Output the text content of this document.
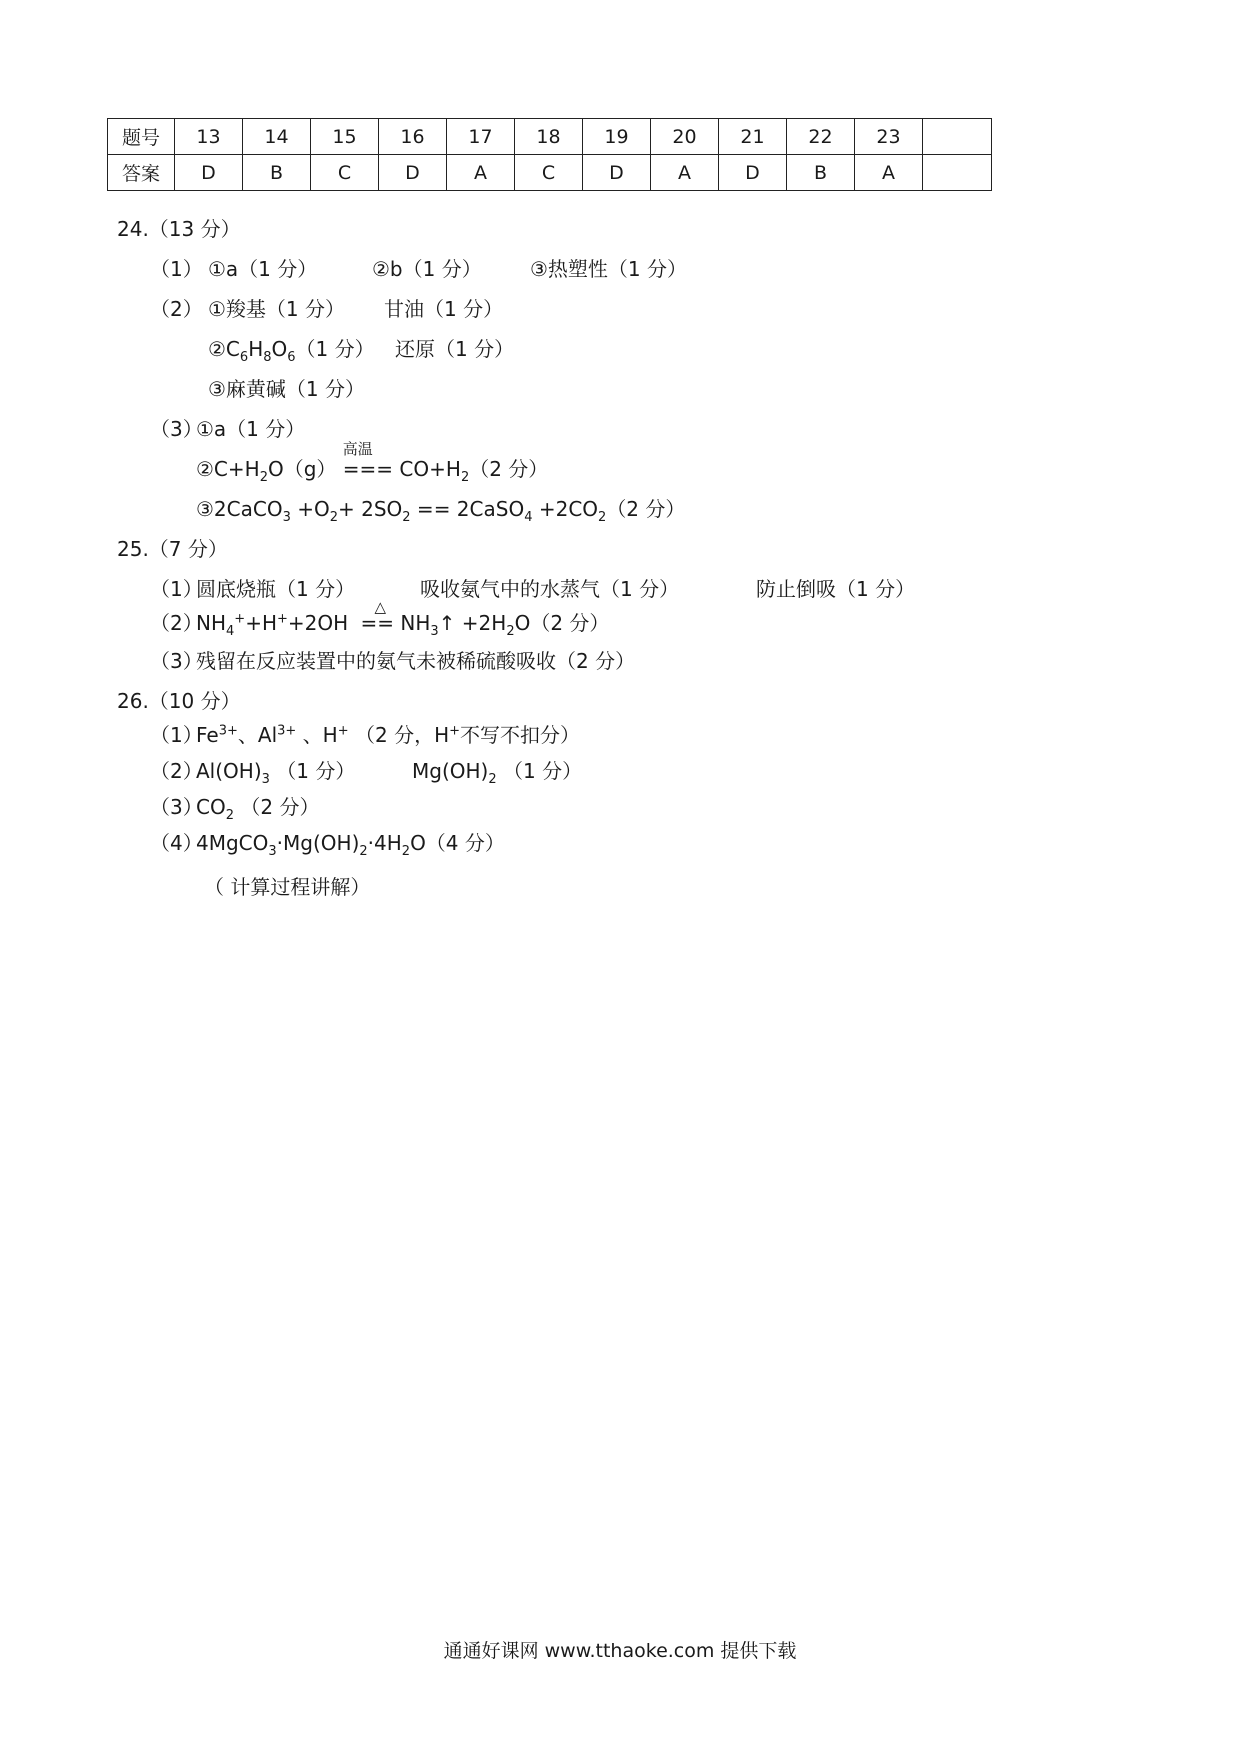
题号	13	14	15	16	17	18	19	20	21	22	23	
答案	D	B	C	D	A	C	D	A	D	B	A	
24.（13 分）
（1） ①a（1 分）	②b（1 分） ③热塑性（1 分）
（2） ①羧基（1 分） 甘油（1 分）
$②C_6H_8O_6(1$ 分） 还原（1 分）
③麻黄碱（1 分）
（3）
①a（1 分）
$②C+H_2O(g)$
高温
=== $CO+H_2(2$ 分）
③2CaCO$_3$ $+O_2+ 2SO_2$ == 2CaSO$_4$ $+2CO_2(2$ 分）
25.（7 分）
（1）
圆底烧瓶（1 分）	吸收氨气中的水蒸气（1 分）	防止倒吸（1 分）
（2）
$NH_4^++H^++2OH$
△
== $NH_3↑ +2H_2O(2$ 分）
（3）
残留在反应装置中的氨气未被稀硫酸吸收（2 分）
26.（10 分）
（1）
$Fe^{3+}$、$Al^{3+}$ 、H+ （2 分，H+不写不扣分）
（2）
$Al(OH)_3$ （1 分）	$Mg(OH)_2$ （1 分）
（3）
$CO_2$ （2 分）
（4）
$4MgCO_3\cdot Mg(OH)_2\cdot 4H_2O(4$ 分）
（ 计算过程讲解）
通通好课网 www.tthaoke.com 提供下载
